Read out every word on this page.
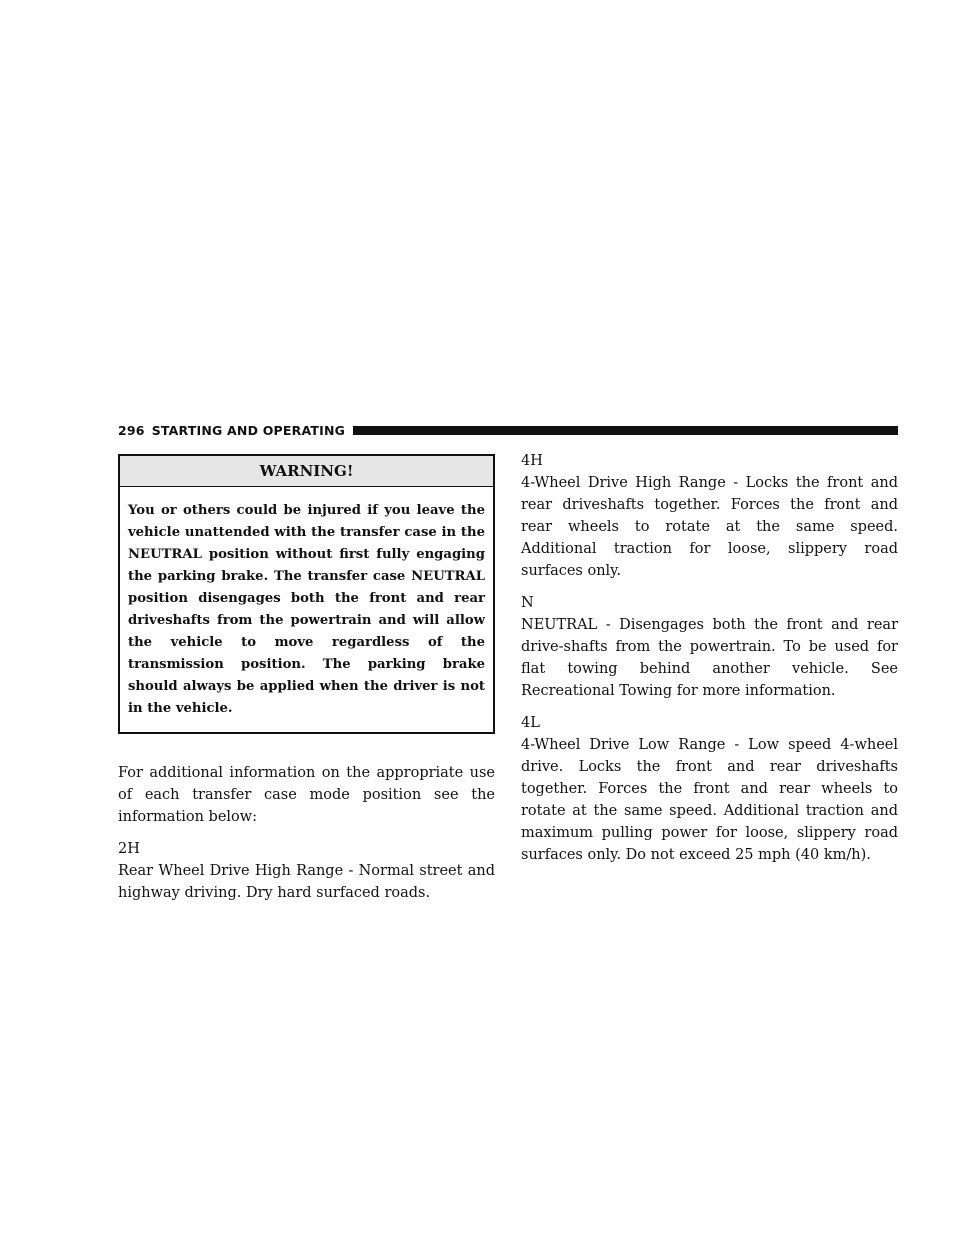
296 STARTING AND OPERATING
WARNING!
You or others could be injured if you leave the vehicle unattended with the transfer case in the NEUTRAL position without first fully engaging the parking brake. The transfer case NEUTRAL position disengages both the front and rear driveshafts from the powertrain and will allow the vehicle to move regardless of the transmission position. The parking brake should always be applied when the driver is not in the vehicle.

For additional information on the appropriate use of each transfer case mode position see the information below:

2H

Rear Wheel Drive High Range - Normal street and highway driving. Dry hard surfaced roads.

4H

4-Wheel Drive High Range - Locks the front and rear driveshafts together. Forces the front and rear wheels to rotate at the same speed. Additional traction for loose, slippery road surfaces only.

N

NEUTRAL - Disengages both the front and rear drive-shafts from the powertrain. To be used for flat towing behind another vehicle. See Recreational Towing for more information.

4L

4-Wheel Drive Low Range - Low speed 4-wheel drive. Locks the front and rear driveshafts together. Forces the front and rear wheels to rotate at the same speed. Additional traction and maximum pulling power for loose, slippery road surfaces only. Do not exceed 25 mph (40 km/h).
